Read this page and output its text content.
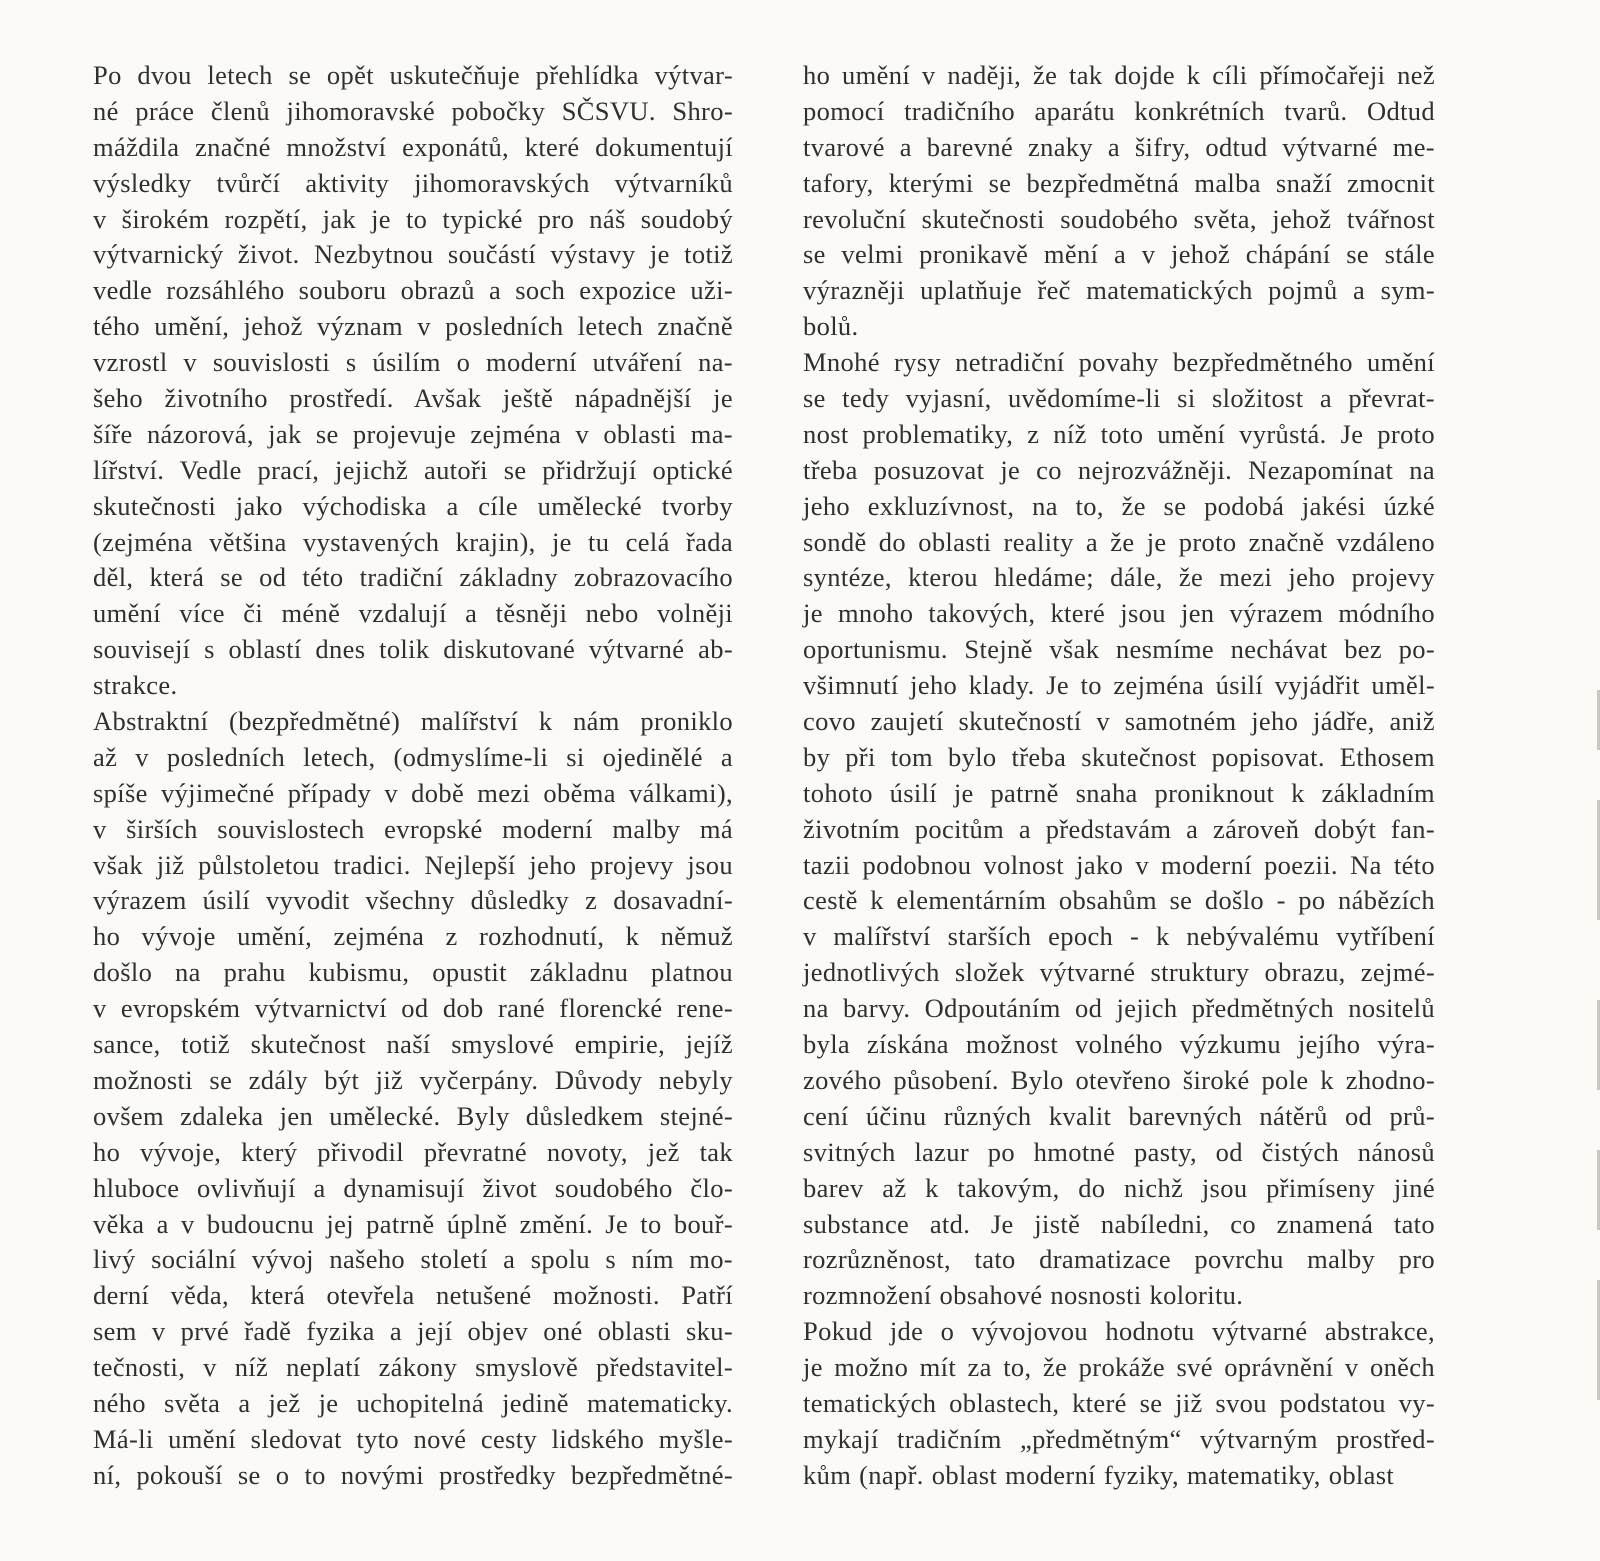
Po dvou letech se opět uskutečňuje přehlídka výtvar-
né práce členů jihomoravské pobočky SČSVU. Shro-
máždila značné množství exponátů, které dokumentují
výsledky tvůrčí aktivity jihomoravských výtvarníků
v širokém rozpětí, jak je to typické pro náš soudobý
výtvarnický život. Nezbytnou součástí výstavy je totiž
vedle rozsáhlého souboru obrazů a soch expozice uži-
tého umění, jehož význam v posledních letech značně
vzrostl v souvislosti s úsilím o moderní utváření na-
šeho životního prostředí. Avšak ještě nápadnější je
šíře názorová, jak se projevuje zejména v oblasti ma-
lířství. Vedle prací, jejichž autoři se přidržují optické
skutečnosti jako východiska a cíle umělecké tvorby
(zejména většina vystavených krajin), je tu celá řada
děl, která se od této tradiční základny zobrazovacího
umění více či méně vzdalují a těsněji nebo volněji
souvisejí s oblastí dnes tolik diskutované výtvarné ab-
strakce.
Abstraktní (bezpředmětné) malířství k nám proniklo
až v posledních letech, (odmyslíme-li si ojedinělé a
spíše výjimečné případy v době mezi oběma válkami),
v širších souvislostech evropské moderní malby má
však již půlstoletou tradici. Nejlepší jeho projevy jsou
výrazem úsilí vyvodit všechny důsledky z dosavadní-
ho vývoje umění, zejména z rozhodnutí, k němuž
došlo na prahu kubismu, opustit základnu platnou
v evropském výtvarnictví od dob rané florencké rene-
sance, totiž skutečnost naší smyslové empirie, jejíž
možnosti se zdály být již vyčerpány. Důvody nebyly
ovšem zdaleka jen umělecké. Byly důsledkem stejné-
ho vývoje, který přivodil převratné novoty, jež tak
hluboce ovlivňují a dynamisují život soudobého člo-
věka a v budoucnu jej patrně úplně změní. Je to bouř-
livý sociální vývoj našeho století a spolu s ním mo-
derní věda, která otevřela netušené možnosti. Patří
sem v prvé řadě fyzika a její objev oné oblasti sku-
tečnosti, v níž neplatí zákony smyslově představitel-
ného světa a jež je uchopitelná jedině matematicky.
Má-li umění sledovat tyto nové cesty lidského myšle-
ní, pokouší se o to novými prostředky bezpředmětné-
ho umění v naději, že tak dojde k cíli přímočařeji než
pomocí tradičního aparátu konkrétních tvarů. Odtud
tvarové a barevné znaky a šifry, odtud výtvarné me-
tafory, kterými se bezpředmětná malba snaží zmocnit
revoluční skutečnosti soudobého světa, jehož tvářnost
se velmi pronikavě mění a v jehož chápání se stále
výrazněji uplatňuje řeč matematických pojmů a sym-
bolů.
Mnohé rysy netradiční povahy bezpředmětného umění
se tedy vyjasní, uvědomíme-li si složitost a převrat-
nost problematiky, z níž toto umění vyrůstá. Je proto
třeba posuzovat je co nejrozvážněji. Nezapomínat na
jeho exkluzívnost, na to, že se podobá jakési úzké
sondě do oblasti reality a že je proto značně vzdáleno
syntéze, kterou hledáme; dále, že mezi jeho projevy
je mnoho takových, které jsou jen výrazem módního
oportunismu. Stejně však nesmíme nechávat bez po-
všimnutí jeho klady. Je to zejména úsilí vyjádřit uměl-
covo zaujetí skutečností v samotném jeho jádře, aniž
by při tom bylo třeba skutečnost popisovat. Ethosem
tohoto úsilí je patrně snaha proniknout k základním
životním pocitům a představám a zároveň dobýt fan-
tazii podobnou volnost jako v moderní poezii. Na této
cestě k elementárním obsahům se došlo - po nábězích
v malířství starších epoch - k nebývalému vytříbení
jednotlivých složek výtvarné struktury obrazu, zejmé-
na barvy. Odpoutáním od jejich předmětných nositelů
byla získána možnost volného výzkumu jejího výra-
zového působení. Bylo otevřeno široké pole k zhodno-
cení účinu různých kvalit barevných nátěrů od prů-
svitných lazur po hmotné pasty, od čistých nánosů
barev až k takovým, do nichž jsou přimíseny jiné
substance atd. Je jistě nabíledni, co znamená tato
rozrůzněnost, tato dramatizace povrchu malby pro
rozmnožení obsahové nosnosti koloritu.
Pokud jde o vývojovou hodnotu výtvarné abstrakce,
je možno mít za to, že prokáže své oprávnění v oněch
tematických oblastech, které se již svou podstatou vy-
mykají tradičním „předmětným“ výtvarným prostřed-
kům (např. oblast moderní fyziky, matematiky, oblast
